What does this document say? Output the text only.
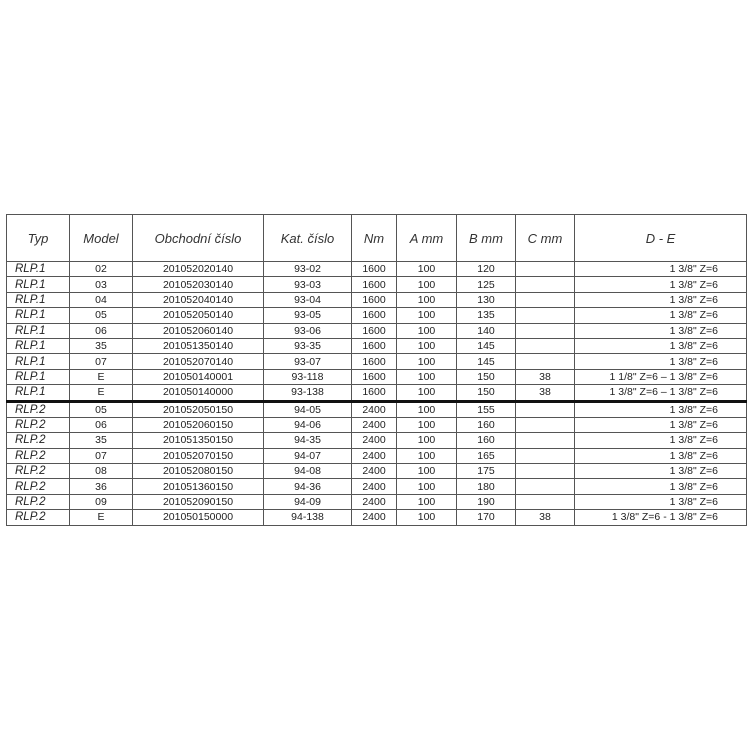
Typ	Model	Obchodní číslo	Kat. číslo	Nm	A mm	B mm	C mm	D - E
RLP.1	02	201052020140	93-02	1600	100	120		1 3/8" Z=6
RLP.1	03	201052030140	93-03	1600	100	125		1 3/8" Z=6
RLP.1	04	201052040140	93-04	1600	100	130		1 3/8" Z=6
RLP.1	05	201052050140	93-05	1600	100	135		1 3/8" Z=6
RLP.1	06	201052060140	93-06	1600	100	140		1 3/8" Z=6
RLP.1	35	201051350140	93-35	1600	100	145		1 3/8" Z=6
RLP.1	07	201052070140	93-07	1600	100	145		1 3/8" Z=6
RLP.1	E	201050140001	93-118	1600	100	150	38	1 1/8" Z=6 – 1 3/8" Z=6
RLP.1	E	201050140000	93-138	1600	100	150	38	1 3/8" Z=6 – 1 3/8" Z=6
RLP.2	05	201052050150	94-05	2400	100	155		1 3/8" Z=6
RLP.2	06	201052060150	94-06	2400	100	160		1 3/8" Z=6
RLP.2	35	201051350150	94-35	2400	100	160		1 3/8" Z=6
RLP.2	07	201052070150	94-07	2400	100	165		1 3/8" Z=6
RLP.2	08	201052080150	94-08	2400	100	175		1 3/8" Z=6
RLP.2	36	201051360150	94-36	2400	100	180		1 3/8" Z=6
RLP.2	09	201052090150	94-09	2400	100	190		1 3/8" Z=6
RLP.2	E	201050150000	94-138	2400	100	170	38	1 3/8" Z=6 - 1 3/8" Z=6
